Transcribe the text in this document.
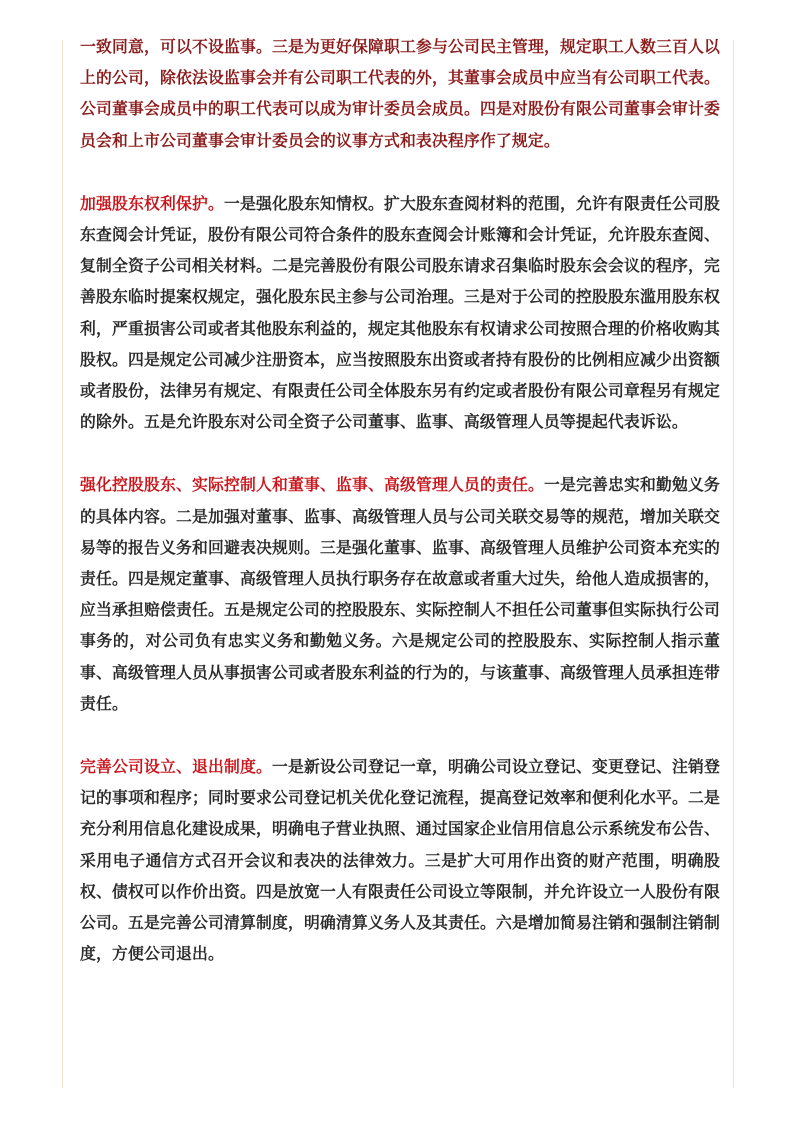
一致同意，可以不设监事。三是为更好保障职工参与公司民主管理，规定职工人数三百人以上的公司，除依法设监事会并有公司职工代表的外，其董事会成员中应当有公司职工代表。公司董事会成员中的职工代表可以成为审计委员会成员。四是对股份有限公司董事会审计委员会和上市公司董事会审计委员会的议事方式和表决程序作了规定。

加强股东权利保护。一是强化股东知情权。扩大股东查阅材料的范围，允许有限责任公司股东查阅会计凭证，股份有限公司符合条件的股东查阅会计账簿和会计凭证，允许股东查阅、复制全资子公司相关材料。二是完善股份有限公司股东请求召集临时股东会会议的程序，完善股东临时提案权规定，强化股东民主参与公司治理。三是对于公司的控股股东滥用股东权利，严重损害公司或者其他股东利益的，规定其他股东有权请求公司按照合理的价格收购其股权。四是规定公司减少注册资本，应当按照股东出资或者持有股份的比例相应减少出资额或者股份，法律另有规定、有限责任公司全体股东另有约定或者股份有限公司章程另有规定的除外。五是允许股东对公司全资子公司董事、监事、高级管理人员等提起代表诉讼。

强化控股股东、实际控制人和董事、监事、高级管理人员的责任。一是完善忠实和勤勉义务的具体内容。二是加强对董事、监事、高级管理人员与公司关联交易等的规范，增加关联交易等的报告义务和回避表决规则。三是强化董事、监事、高级管理人员维护公司资本充实的责任。四是规定董事、高级管理人员执行职务存在故意或者重大过失，给他人造成损害的，应当承担赔偿责任。五是规定公司的控股股东、实际控制人不担任公司董事但实际执行公司事务的，对公司负有忠实义务和勤勉义务。六是规定公司的控股股东、实际控制人指示董事、高级管理人员从事损害公司或者股东利益的行为的，与该董事、高级管理人员承担连带责任。

完善公司设立、退出制度。一是新设公司登记一章，明确公司设立登记、变更登记、注销登记的事项和程序；同时要求公司登记机关优化登记流程，提高登记效率和便利化水平。二是充分利用信息化建设成果，明确电子营业执照、通过国家企业信用信息公示系统发布公告、采用电子通信方式召开会议和表决的法律效力。三是扩大可用作出资的财产范围，明确股权、债权可以作价出资。四是放宽一人有限责任公司设立等限制，并允许设立一人股份有限公司。五是完善公司清算制度，明确清算义务人及其责任。六是增加简易注销和强制注销制度，方便公司退出。
